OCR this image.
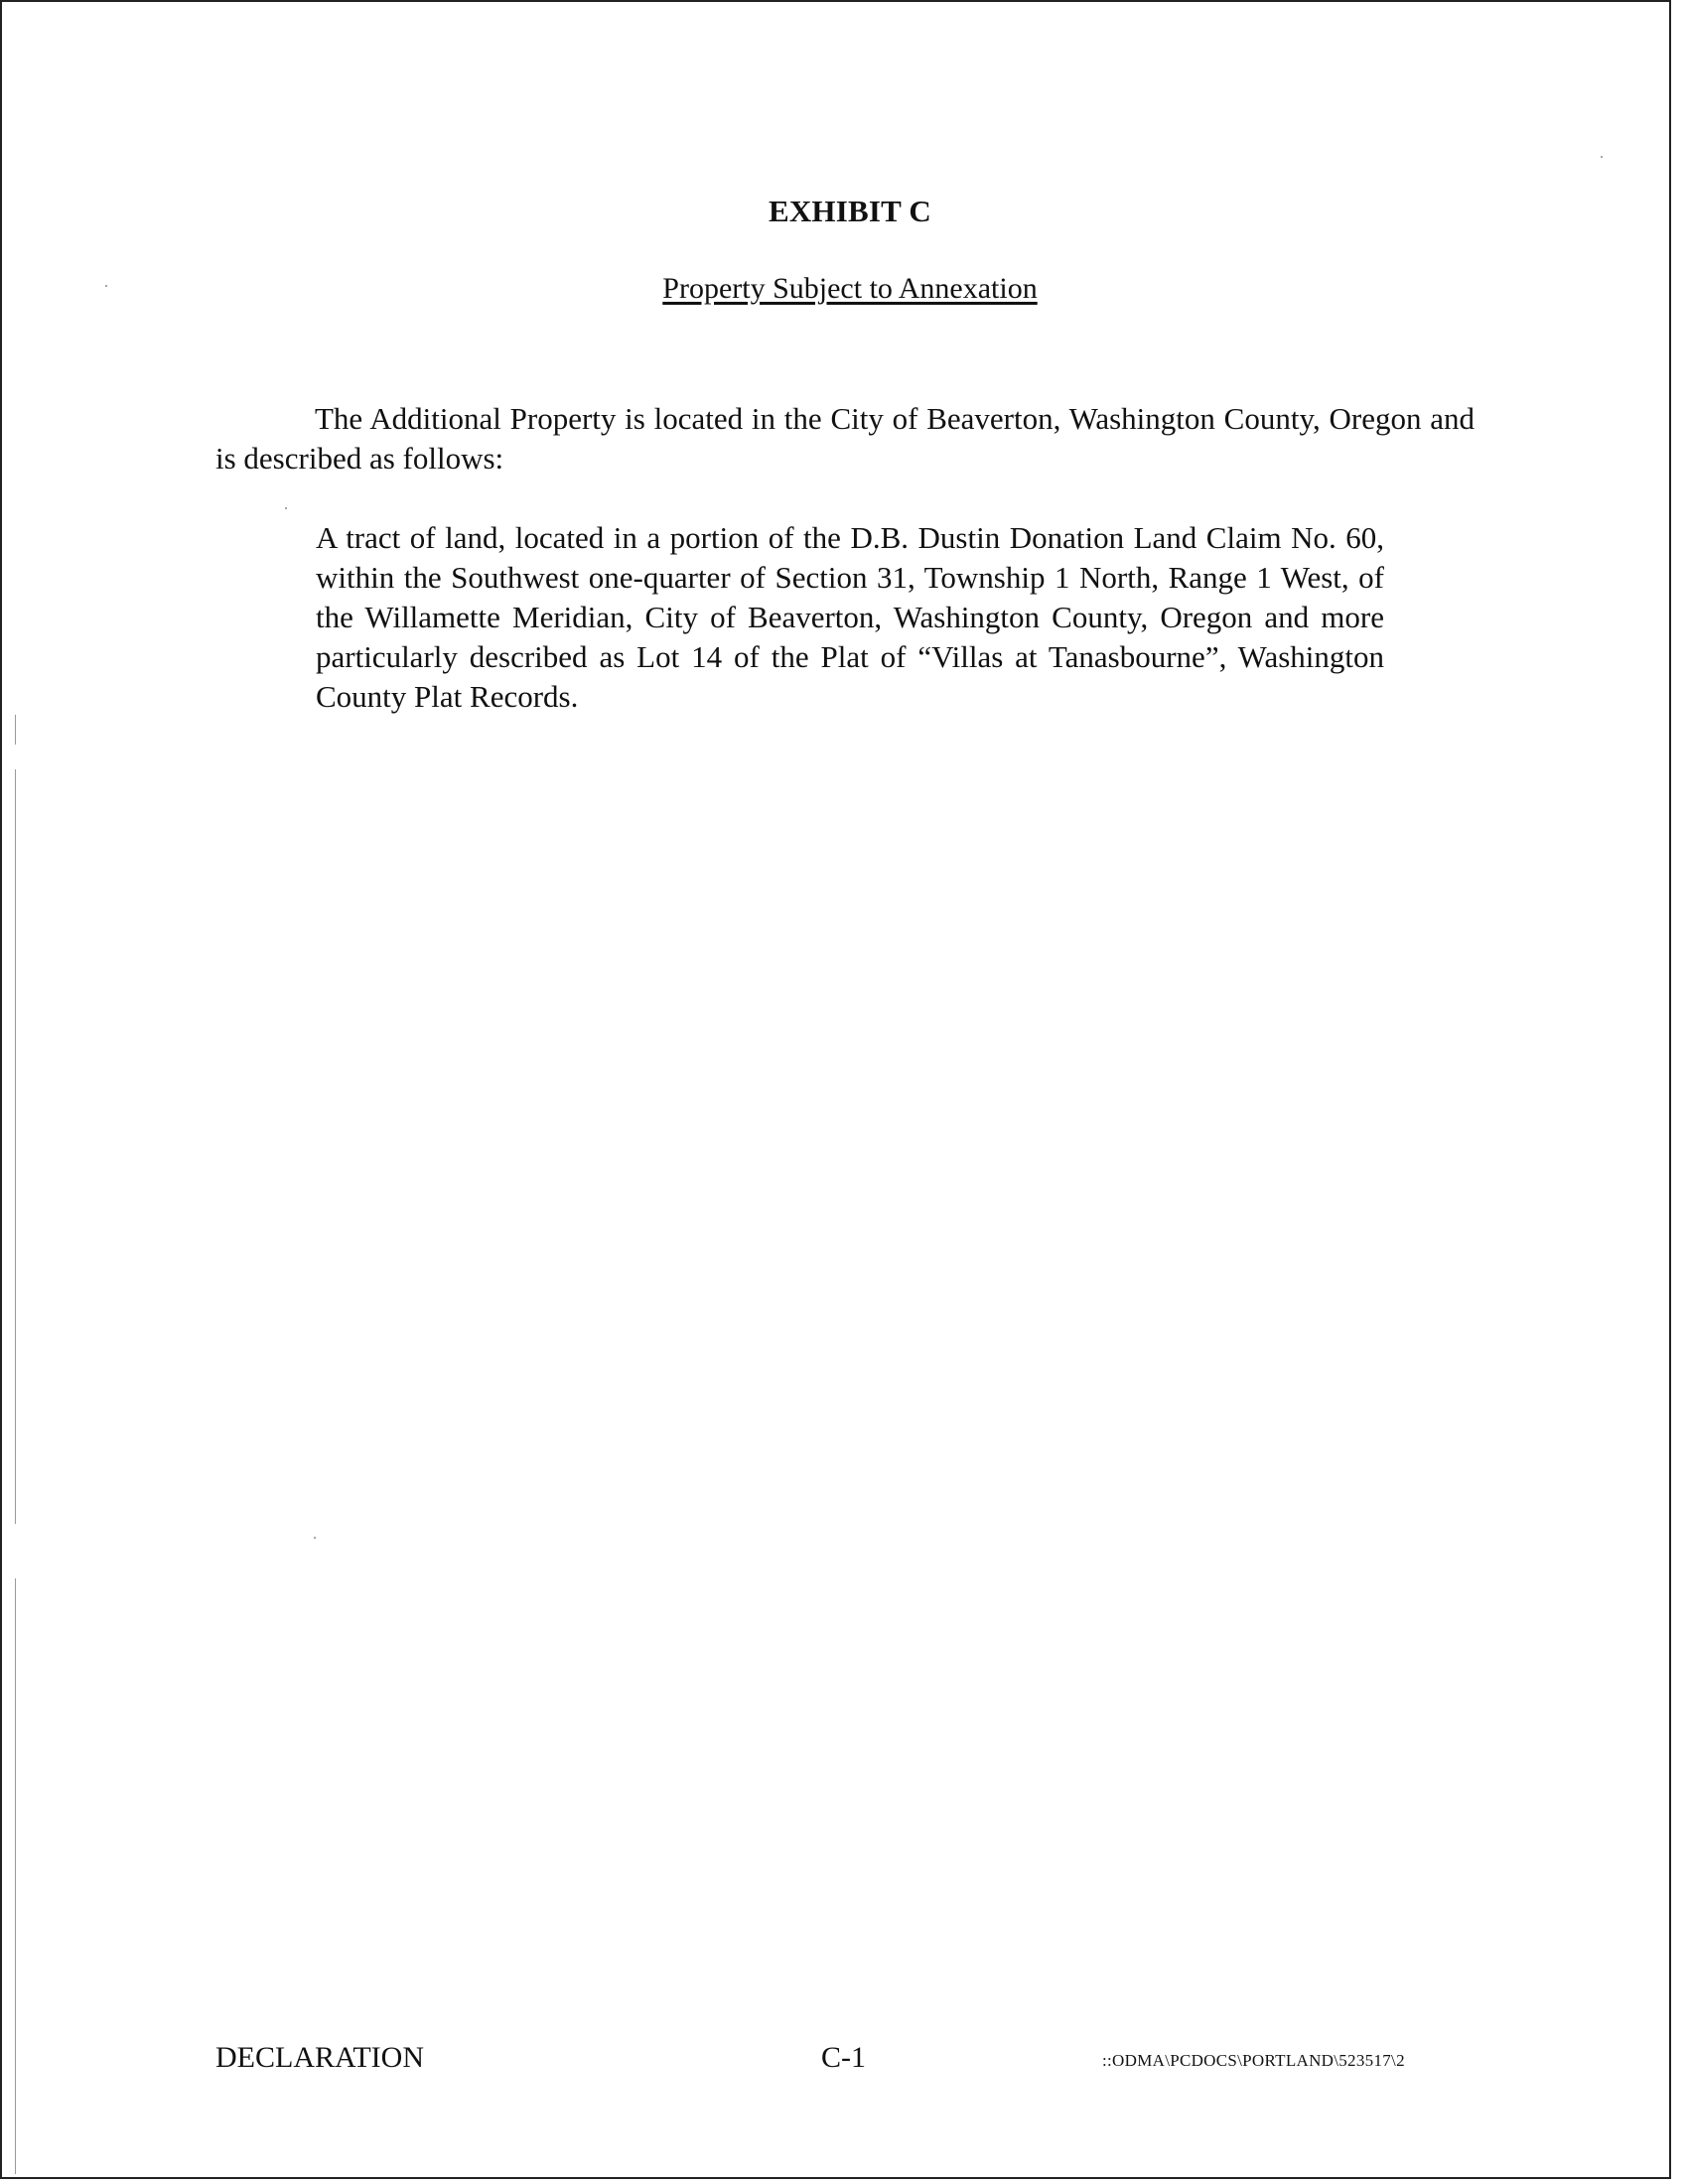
EXHIBIT C
Property Subject to Annexation

The Additional Property is located in the City of Beaverton, Washington County, Oregon and is described as follows:

A tract of land, located in a portion of the D.B. Dustin Donation Land Claim No. 60, within the Southwest one-quarter of Section 31, Township 1 North, Range 1 West, of the Willamette Meridian, City of Beaverton, Washington County, Oregon and more particularly described as Lot 14 of the Plat of “Villas at Tanasbourne”, Washington County Plat Records.

DECLARATION	C-1	::ODMA\PCDOCS\PORTLAND\523517\2
